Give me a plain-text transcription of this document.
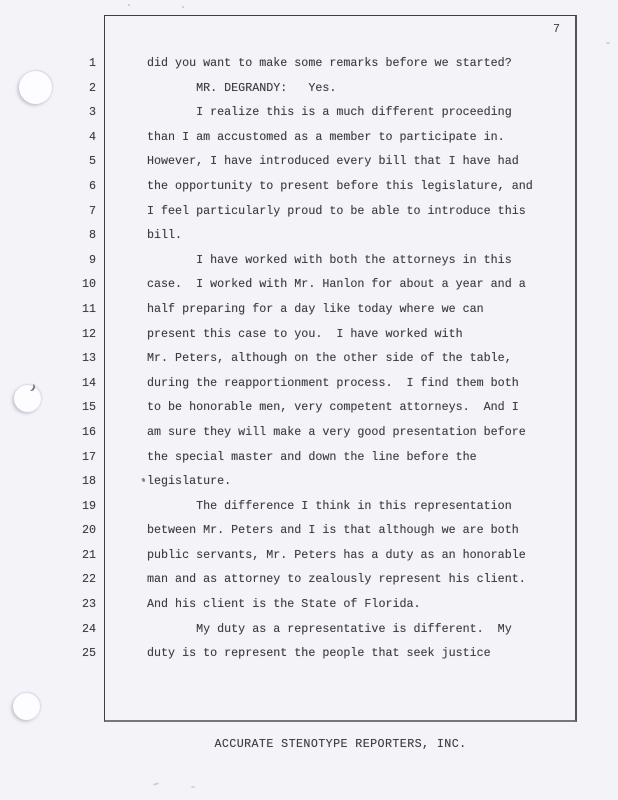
7
1	did you want to make some remarks before we started?
2	MR. DEGRANDY:   Yes.
3	I realize this is a much different proceeding
4	than I am accustomed as a member to participate in.
5	However, I have introduced every bill that I have had
6	the opportunity to present before this legislature, and
7	I feel particularly proud to be able to introduce this
8	bill.
9	I have worked with both the attorneys in this
10	case.  I worked with Mr. Hanlon for about a year and a
11	half preparing for a day like today where we can
12	present this case to you.  I have worked with
13	Mr. Peters, although on the other side of the table,
14	during the reapportionment process.  I find them both
15	to be honorable men, very competent attorneys.  And I
16	am sure they will make a very good presentation before
17	the special master and down the line before the
18	legislature.
19	The difference I think in this representation
20	between Mr. Peters and I is that although we are both
21	public servants, Mr. Peters has a duty as an honorable
22	man and as attorney to zealously represent his client.
23	And his client is the State of Florida.
24	My duty as a representative is different.  My
25	duty is to represent the people that seek justice
ACCURATE STENOTYPE REPORTERS, INC.
